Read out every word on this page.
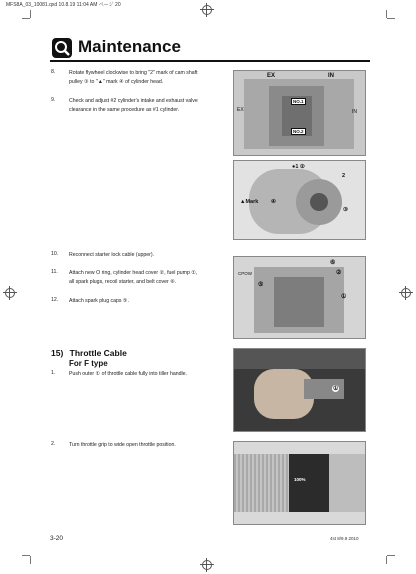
MFS8A_03_10081.qxd 10.8.19 11:04 AM ページ 20
Maintenance
8.	Rotate flywheel clockwise to bring "2" mark of cam shaft
pulley ③ to "▲" mark ④ of cylinder head.
9.	Check and adjust #2 cylinder's intake and exhaust valve
clearance in the same procedure as #1 cylinder.
EX	IN
EX	IN
NO.1
NO.2
●1 ②
2
▲Mark ④
③
10. Reconnect starter lock cable (upper).
11. Attach new O ring, cylinder head cover ②, fuel pump ①,
all spark plugs, recoil starter, and belt cover ⑥.
12. Attach spark plug caps ⑤.
CPOW
⑥
②
⑤
①
15) Throttle Cable
For F type
1.	Push outer ① of throttle cable fully into tiller handle.
①
2.	Turn throttle grip to wide open throttle position.
100%
3-20	4st 8/9.9 2010
